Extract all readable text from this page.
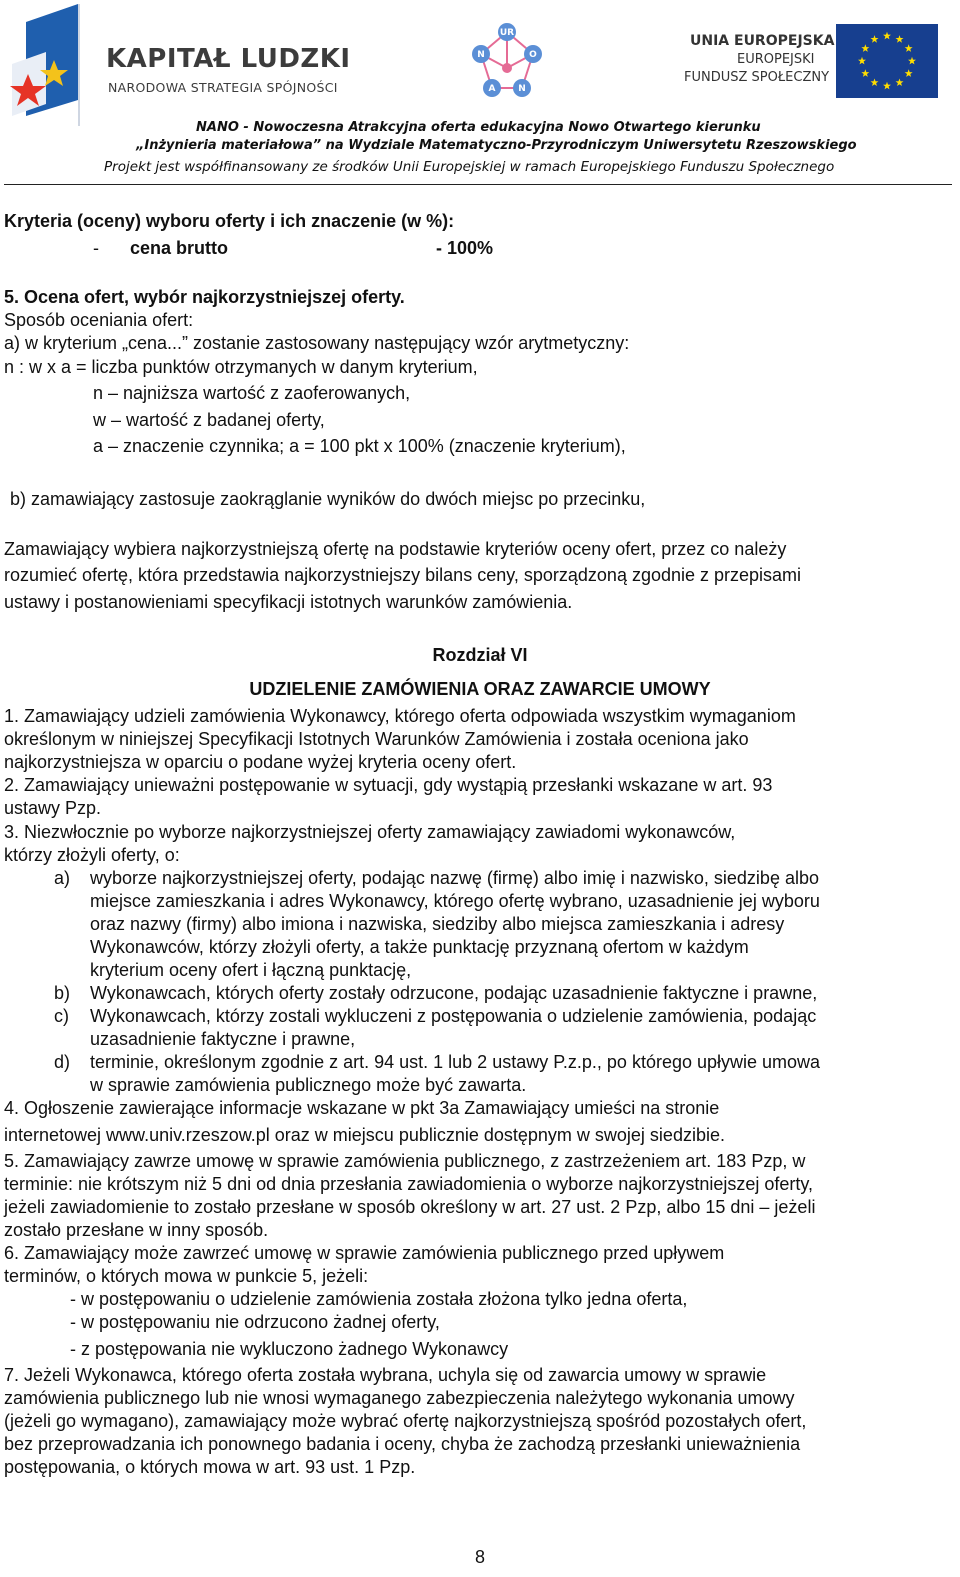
KAPITAŁ LUDZKI
NARODOWA STRATEGIA SPÓJNOŚCI
UR
N	O
A	N
UNIA EUROPEJSKA
EUROPEJSKI
FUNDUSZ SPOŁECZNY
NANO - Nowoczesna Atrakcyjna oferta edukacyjna Nowo Otwartego kierunku
„Inżynieria materiałowa” na Wydziale Matematyczno-Przyrodniczym Uniwersytetu Rzeszowskiego
Projekt jest współfinansowany ze środków Unii Europejskiej w ramach Europejskiego Funduszu Społecznego
Kryteria (oceny) wyboru oferty i ich znaczenie (w %):
- cena brutto	- 100%
5. Ocena ofert, wybór najkorzystniejszej oferty.
Sposób oceniania ofert:
a) w kryterium „cena...” zostanie zastosowany następujący wzór arytmetyczny:
n : w x a = liczba punktów otrzymanych w danym kryterium,
n – najniższa wartość z zaoferowanych,
w – wartość z badanej oferty,
a – znaczenie czynnika; a = 100 pkt x 100% (znaczenie kryterium),
b) zamawiający zastosuje zaokrąglanie wyników do dwóch miejsc po przecinku,
Zamawiający wybiera najkorzystniejszą ofertę na podstawie kryteriów oceny ofert, przez co należy
rozumieć ofertę, która przedstawia najkorzystniejszy bilans ceny, sporządzoną zgodnie z przepisami
ustawy i postanowieniami specyfikacji istotnych warunków zamówienia.
Rozdział VI
UDZIELENIE ZAMÓWIENIA ORAZ ZAWARCIE UMOWY
1. Zamawiający udzieli zamówienia Wykonawcy, którego oferta odpowiada wszystkim wymaganiom
określonym w niniejszej Specyfikacji Istotnych Warunków Zamówienia i została oceniona jako
najkorzystniejsza w oparciu o podane wyżej kryteria oceny ofert.
2. Zamawiający unieważni postępowanie w sytuacji, gdy wystąpią przesłanki wskazane w art. 93
ustawy Pzp.
3. Niezwłocznie po wyborze najkorzystniejszej oferty zamawiający zawiadomi wykonawców,
którzy złożyli oferty, o:
a) wyborze najkorzystniejszej oferty, podając nazwę (firmę) albo imię i nazwisko, siedzibę albo
miejsce zamieszkania i adres Wykonawcy, którego ofertę wybrano, uzasadnienie jej wyboru
oraz nazwy (firmy) albo imiona i nazwiska, siedziby albo miejsca zamieszkania i adresy
Wykonawców, którzy złożyli oferty, a także punktację przyznaną ofertom w każdym
kryterium oceny ofert i łączną punktację,
b) Wykonawcach, których oferty zostały odrzucone, podając uzasadnienie faktyczne i prawne,
c) Wykonawcach, którzy zostali wykluczeni z postępowania o udzielenie zamówienia, podając
uzasadnienie faktyczne i prawne,
d) terminie, określonym zgodnie z art. 94 ust. 1 lub 2 ustawy P.z.p., po którego upływie umowa
w sprawie zamówienia publicznego może być zawarta.
4. Ogłoszenie zawierające informacje wskazane w pkt 3a Zamawiający umieści na stronie
internetowej www.univ.rzeszow.pl oraz w miejscu publicznie dostępnym w swojej siedzibie.
5. Zamawiający zawrze umowę w sprawie zamówienia publicznego, z zastrzeżeniem art. 183 Pzp, w
terminie: nie krótszym niż 5 dni od dnia przesłania zawiadomienia o wyborze najkorzystniejszej oferty,
jeżeli zawiadomienie to zostało przesłane w sposób określony w art. 27 ust. 2 Pzp, albo 15 dni – jeżeli
zostało przesłane w inny sposób.
6. Zamawiający może zawrzeć umowę w sprawie zamówienia publicznego przed upływem
terminów, o których mowa w punkcie 5, jeżeli:
- w postępowaniu o udzielenie zamówienia została złożona tylko jedna oferta,
- w postępowaniu nie odrzucono żadnej oferty,
- z postępowania nie wykluczono żadnego Wykonawcy
7. Jeżeli Wykonawca, którego oferta została wybrana, uchyla się od zawarcia umowy w sprawie
zamówienia publicznego lub nie wnosi wymaganego zabezpieczenia należytego wykonania umowy
(jeżeli go wymagano), zamawiający może wybrać ofertę najkorzystniejszą spośród pozostałych ofert,
bez przeprowadzania ich ponownego badania i oceny, chyba że zachodzą przesłanki unieważnienia
postępowania, o których mowa w art. 93 ust. 1 Pzp.
8
